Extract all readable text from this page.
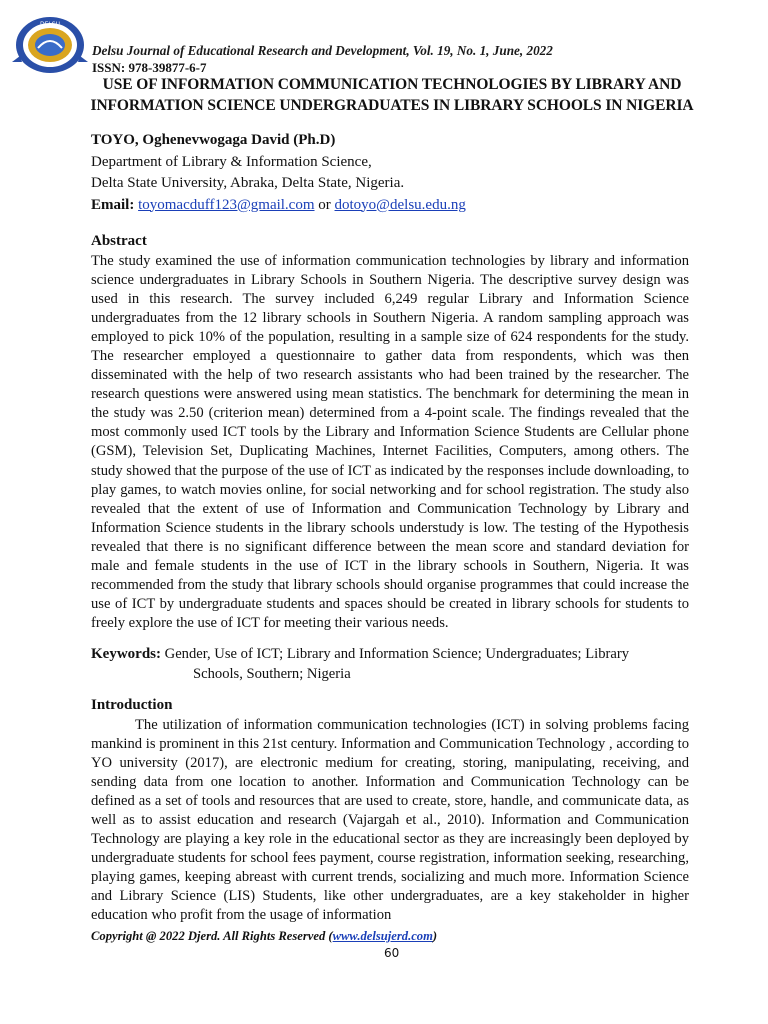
DELSU
Delsu Journal of Educational Research and Development, Vol. 19, No. 1, June, 2022
ISSN: 978-39877-6-7
USE OF INFORMATION COMMUNICATION TECHNOLOGIES BY LIBRARY AND
INFORMATION SCIENCE UNDERGRADUATES IN LIBRARY SCHOOLS IN NIGERIA
TOYO, Oghenevwogaga David (Ph.D)
Department of Library & Information Science,
Delta State University, Abraka, Delta State, Nigeria.
Email: toyomacduff123@gmail.com or dotoyo@delsu.edu.ng
Abstract
The study examined the use of information communication technologies by library and information science undergraduates in Library Schools in Southern Nigeria. The descriptive survey design was used in this research. The survey included 6,249 regular Library and Information Science undergraduates from the 12 library schools in Southern Nigeria. A random sampling approach was employed to pick 10% of the population, resulting in a sample size of 624 respondents for the study. The researcher employed a questionnaire to gather data from respondents, which was then disseminated with the help of two research assistants who had been trained by the researcher. The research questions were answered using mean statistics. The benchmark for determining the mean in the study was 2.50 (criterion mean) determined from a 4-point scale. The findings revealed that the most commonly used ICT tools by the Library and Information Science Students are Cellular phone (GSM), Television Set, Duplicating Machines, Internet Facilities, Computers, among others. The study showed that the purpose of the use of ICT as indicated by the responses include downloading, to play games, to watch movies online, for social networking and for school registration. The study also revealed that the extent of use of Information and Communication Technology by Library and Information Science students in the library schools understudy is low. The testing of the Hypothesis revealed that there is no significant difference between the mean score and standard deviation for male and female students in the use of ICT in the library schools in Southern, Nigeria. It was recommended from the study that library schools should organise programmes that could increase the use of ICT by undergraduate students and spaces should be created in library schools for students to freely explore the use of ICT for meeting their various needs.
Keywords: Gender, Use of ICT; Library and Information Science; Undergraduates; Library
Schools, Southern; Nigeria
Introduction
The utilization of information communication technologies (ICT) in solving problems facing mankind is prominent in this 21st century. Information and Communication Technology , according to YO university (2017), are electronic medium for creating, storing, manipulating, receiving, and sending data from one location to another. Information and Communication Technology can be defined as a set of tools and resources that are used to create, store, handle, and communicate data, as well as to assist education and research (Vajargah et al., 2010). Information and Communication Technology are playing a key role in the educational sector as they are increasingly been deployed by undergraduate students for school fees payment, course registration, information seeking, researching, playing games, keeping abreast with current trends, socializing and much more. Information Science and Library Science (LIS) Students, like other undergraduates, are a key stakeholder in higher education who profit from the usage of information
Copyright @ 2022 Djerd. All Rights Reserved (www.delsujerd.com)
60
